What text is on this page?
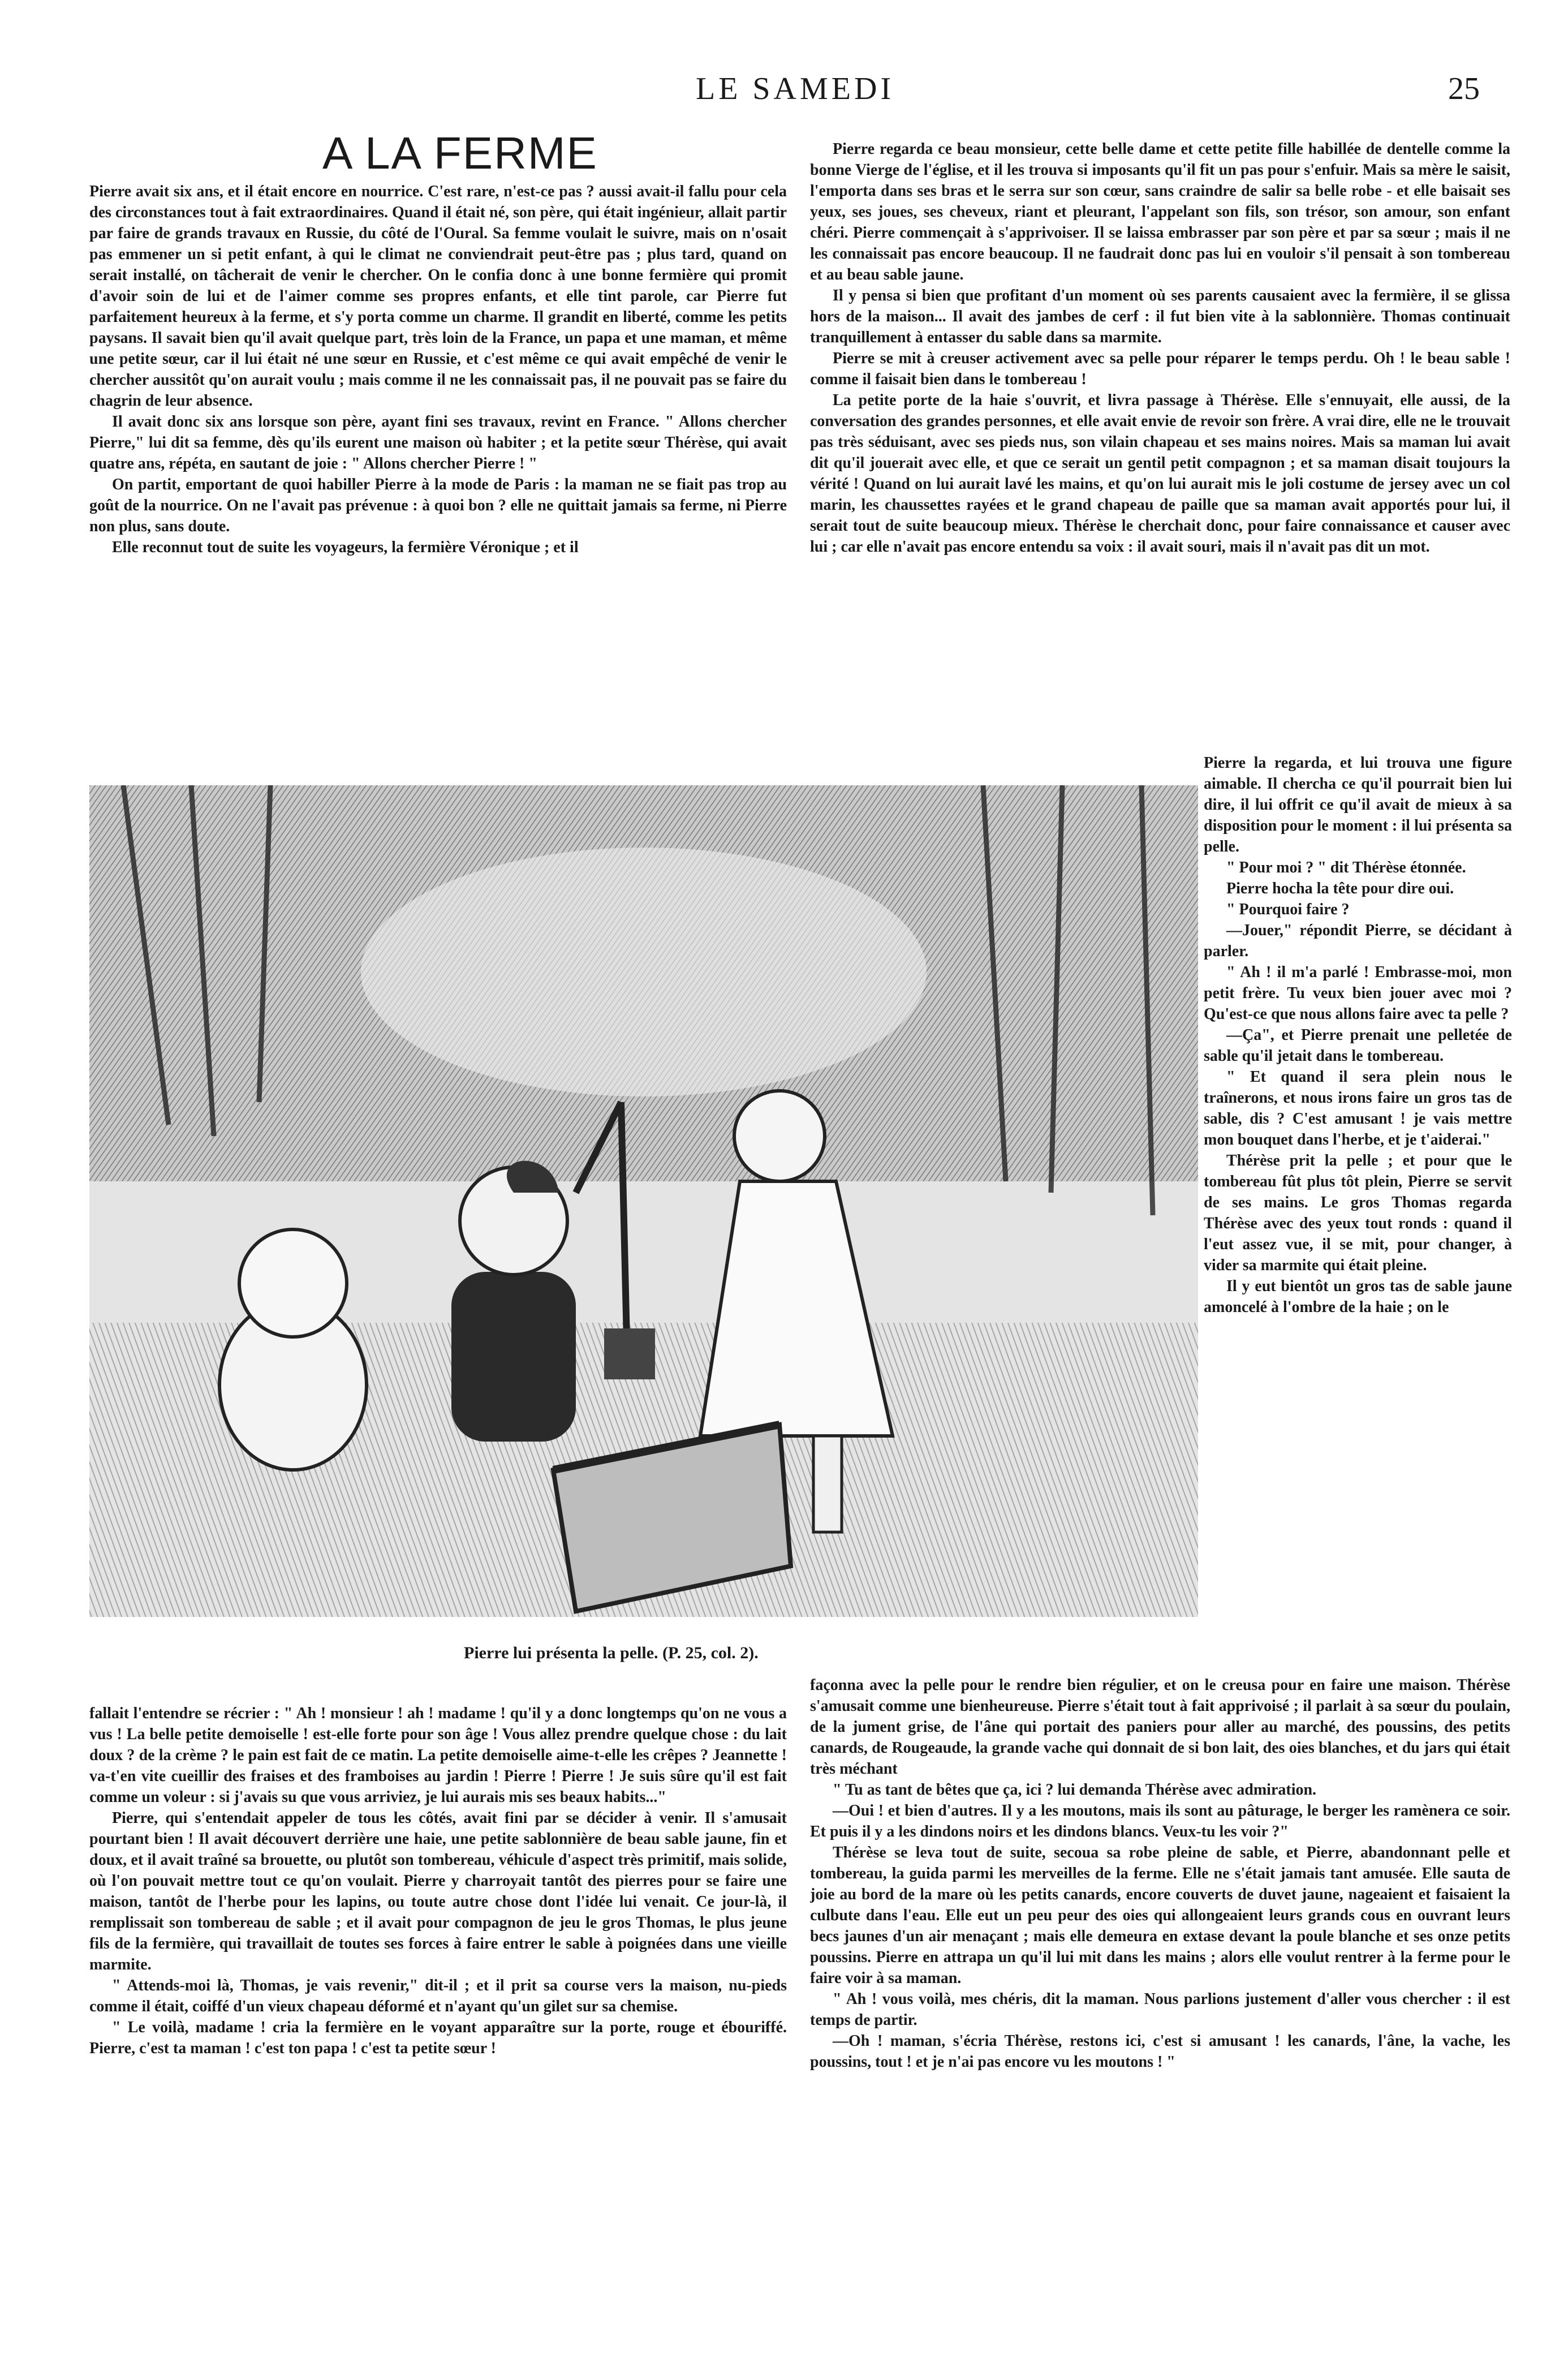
LE SAMEDI	25
A LA FERME

Pierre avait six ans, et il était encore en nourrice. C'est rare, n'est-ce pas ? aussi avait-il fallu pour cela des circonstances tout à fait extraordinaires. Quand il était né, son père, qui était ingénieur, allait partir par faire de grands travaux en Russie, du côté de l'Oural. Sa femme voulait le suivre, mais on n'osait pas emmener un si petit enfant, à qui le climat ne conviendrait peut-être pas ; plus tard, quand on serait installé, on tâcherait de venir le chercher. On le confia donc à une bonne fermière qui promit d'avoir soin de lui et de l'aimer comme ses propres enfants, et elle tint parole, car Pierre fut parfaitement heureux à la ferme, et s'y porta comme un charme. Il grandit en liberté, comme les petits paysans. Il savait bien qu'il avait quelque part, très loin de la France, un papa et une maman, et même une petite sœur, car il lui était né une sœur en Russie, et c'est même ce qui avait empêché de venir le chercher aussitôt qu'on aurait voulu ; mais comme il ne les connaissait pas, il ne pouvait pas se faire du chagrin de leur absence.

Il avait donc six ans lorsque son père, ayant fini ses travaux, revint en France. " Allons chercher Pierre," lui dit sa femme, dès qu'ils eurent une maison où habiter ; et la petite sœur Thérèse, qui avait quatre ans, répéta, en sautant de joie : " Allons chercher Pierre ! "

On partit, emportant de quoi habiller Pierre à la mode de Paris : la maman ne se fiait pas trop au goût de la nourrice. On ne l'avait pas prévenue : à quoi bon ? elle ne quittait jamais sa ferme, ni Pierre non plus, sans doute.

Elle reconnut tout de suite les voyageurs, la fermière Véronique ; et il

Pierre regarda ce beau monsieur, cette belle dame et cette petite fille habillée de dentelle comme la bonne Vierge de l'église, et il les trouva si imposants qu'il fit un pas pour s'enfuir. Mais sa mère le saisit, l'emporta dans ses bras et le serra sur son cœur, sans craindre de salir sa belle robe - et elle baisait ses yeux, ses joues, ses cheveux, riant et pleurant, l'appelant son fils, son trésor, son amour, son enfant chéri. Pierre commençait à s'apprivoiser. Il se laissa embrasser par son père et par sa sœur ; mais il ne les connaissait pas encore beaucoup. Il ne faudrait donc pas lui en vouloir s'il pensait à son tombereau et au beau sable jaune.

Il y pensa si bien que profitant d'un moment où ses parents causaient avec la fermière, il se glissa hors de la maison... Il avait des jambes de cerf : il fut bien vite à la sablonnière. Thomas continuait tranquillement à entasser du sable dans sa marmite.

Pierre se mit à creuser activement avec sa pelle pour réparer le temps perdu. Oh ! le beau sable ! comme il faisait bien dans le tombereau !

La petite porte de la haie s'ouvrit, et livra passage à Thérèse. Elle s'ennuyait, elle aussi, de la conversation des grandes personnes, et elle avait envie de revoir son frère. A vrai dire, elle ne le trouvait pas très séduisant, avec ses pieds nus, son vilain chapeau et ses mains noires. Mais sa maman lui avait dit qu'il jouerait avec elle, et que ce serait un gentil petit compagnon ; et sa maman disait toujours la vérité ! Quand on lui aurait lavé les mains, et qu'on lui aurait mis le joli costume de jersey avec un col marin, les chaussettes rayées et le grand chapeau de paille que sa maman avait apportés pour lui, il serait tout de suite beaucoup mieux. Thérèse le cherchait donc, pour faire connaissance et causer avec lui ; car elle n'avait pas encore entendu sa voix : il avait souri, mais il n'avait pas dit un mot.

Pierre la regarda, et lui trouva une figure aimable. Il chercha ce qu'il pourrait bien lui dire, il lui offrit ce qu'il avait de mieux à sa disposition pour le moment : il lui présenta sa pelle.

" Pour moi ? " dit Thérèse étonnée.

Pierre hocha la tête pour dire oui.

" Pourquoi faire ?

—Jouer," répondit Pierre, se décidant à parler.

" Ah ! il m'a parlé ! Embrasse-moi, mon petit frère. Tu veux bien jouer avec moi ? Qu'est-ce que nous allons faire avec ta pelle ?

—Ça", et Pierre prenait une pelletée de sable qu'il jetait dans le tombereau.

" Et quand il sera plein nous le traînerons, et nous irons faire un gros tas de sable, dis ? C'est amusant ! je vais mettre mon bouquet dans l'herbe, et je t'aiderai."

Thérèse prit la pelle ; et pour que le tombereau fût plus tôt plein, Pierre se servit de ses mains. Le gros Thomas regarda Thérèse avec des yeux tout ronds : quand il l'eut assez vue, il se mit, pour changer, à vider sa marmite qui était pleine.

Il y eut bientôt un gros tas de sable jaune amoncelé à l'ombre de la haie ; on le

Pierre lui présenta la pelle. (P. 25, col. 2).

fallait l'entendre se récrier : " Ah ! monsieur ! ah ! madame ! qu'il y a donc longtemps qu'on ne vous a vus ! La belle petite demoiselle ! est-elle forte pour son âge ! Vous allez prendre quelque chose : du lait doux ? de la crème ? le pain est fait de ce matin. La petite demoiselle aime-t-elle les crêpes ? Jeannette ! va-t'en vite cueillir des fraises et des framboises au jardin ! Pierre ! Pierre ! Je suis sûre qu'il est fait comme un voleur : si j'avais su que vous arriviez, je lui aurais mis ses beaux habits..."

Pierre, qui s'entendait appeler de tous les côtés, avait fini par se décider à venir. Il s'amusait pourtant bien ! Il avait découvert derrière une haie, une petite sablonnière de beau sable jaune, fin et doux, et il avait traîné sa brouette, ou plutôt son tombereau, véhicule d'aspect très primitif, mais solide, où l'on pouvait mettre tout ce qu'on voulait. Pierre y charroyait tantôt des pierres pour se faire une maison, tantôt de l'herbe pour les lapins, ou toute autre chose dont l'idée lui venait. Ce jour-là, il remplissait son tombereau de sable ; et il avait pour compagnon de jeu le gros Thomas, le plus jeune fils de la fermière, qui travaillait de toutes ses forces à faire entrer le sable à poignées dans une vieille marmite.

" Attends-moi là, Thomas, je vais revenir," dit-il ; et il prit sa course vers la maison, nu-pieds comme il était, coiffé d'un vieux chapeau déformé et n'ayant qu'un gilet sur sa chemise.

" Le voilà, madame ! cria la fermière en le voyant apparaître sur la porte, rouge et ébouriffé. Pierre, c'est ta maman ! c'est ton papa ! c'est ta petite sœur !

façonna avec la pelle pour le rendre bien régulier, et on le creusa pour en faire une maison. Thérèse s'amusait comme une bienheureuse. Pierre s'était tout à fait apprivoisé ; il parlait à sa sœur du poulain, de la jument grise, de l'âne qui portait des paniers pour aller au marché, des poussins, des petits canards, de Rougeaude, la grande vache qui donnait de si bon lait, des oies blanches, et du jars qui était très méchant

" Tu as tant de bêtes que ça, ici ? lui demanda Thérèse avec admiration.

—Oui ! et bien d'autres. Il y a les moutons, mais ils sont au pâturage, le berger les ramènera ce soir. Et puis il y a les dindons noirs et les dindons blancs. Veux-tu les voir ?"

Thérèse se leva tout de suite, secoua sa robe pleine de sable, et Pierre, abandonnant pelle et tombereau, la guida parmi les merveilles de la ferme. Elle ne s'était jamais tant amusée. Elle sauta de joie au bord de la mare où les petits canards, encore couverts de duvet jaune, nageaient et faisaient la culbute dans l'eau. Elle eut un peu peur des oies qui allongeaient leurs grands cous en ouvrant leurs becs jaunes d'un air menaçant ; mais elle demeura en extase devant la poule blanche et ses onze petits poussins. Pierre en attrapa un qu'il lui mit dans les mains ; alors elle voulut rentrer à la ferme pour le faire voir à sa maman.

" Ah ! vous voilà, mes chéris, dit la maman. Nous parlions justement d'aller vous chercher : il est temps de partir.

—Oh ! maman, s'écria Thérèse, restons ici, c'est si amusant ! les canards, l'âne, la vache, les poussins, tout ! et je n'ai pas encore vu les moutons ! "
